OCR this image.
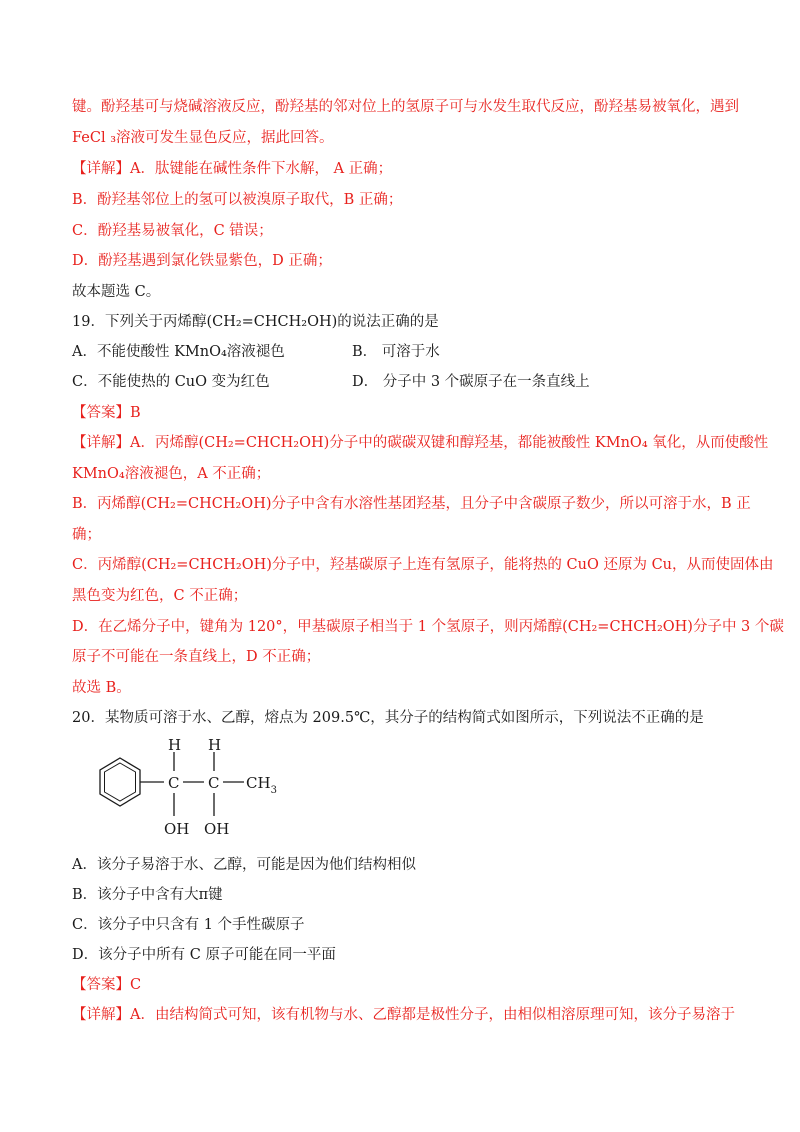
键。酚羟基可与烧碱溶液反应，酚羟基的邻对位上的氢原子可与水发生取代反应，酚羟基易被氧化，遇到
FeCl ₃溶液可发生显色反应，据此回答。
【详解】A．肽键能在碱性条件下水解， A 正确；
B．酚羟基邻位上的氢可以被溴原子取代，B 正确；
C．酚羟基易被氧化，C 错误；
D．酚羟基遇到氯化铁显紫色，D 正确；
故本题选 C。
19．下列关于丙烯醇(CH₂=CHCH₂OH)的说法正确的是
A．不能使酸性 KMnO₄溶液褪色	B． 可溶于水
C．不能使热的 CuO 变为红色	D． 分子中 3 个碳原子在一条直线上
【答案】B
【详解】A．丙烯醇(CH₂=CHCH₂OH)分子中的碳碳双键和醇羟基，都能被酸性 KMnO₄ 氧化，从而使酸性
KMnO₄溶液褪色，A 不正确；
B．丙烯醇(CH₂=CHCH₂OH)分子中含有水溶性基团羟基，且分子中含碳原子数少，所以可溶于水，B 正
确；
C．丙烯醇(CH₂=CHCH₂OH)分子中，羟基碳原子上连有氢原子，能将热的 CuO 还原为 Cu，从而使固体由
黑色变为红色，C 不正确；
D．在乙烯分子中，键角为 120°，甲基碳原子相当于 1 个氢原子，则丙烯醇(CH₂=CHCH₂OH)分子中 3 个碳
原子不可能在一条直线上，D 不正确；
故选 B。
20．某物质可溶于水、乙醇，熔点为 209.5℃，其分子的结构简式如图所示，下列说法不正确的是
H H
C C $CH_3$
OH OH
A．该分子易溶于水、乙醇，可能是因为他们结构相似
B．该分子中含有大π键
C．该分子中只含有 1 个手性碳原子
D．该分子中所有 C 原子可能在同一平面
【答案】C
【详解】A．由结构简式可知，该有机物与水、乙醇都是极性分子，由相似相溶原理可知，该分子易溶于
